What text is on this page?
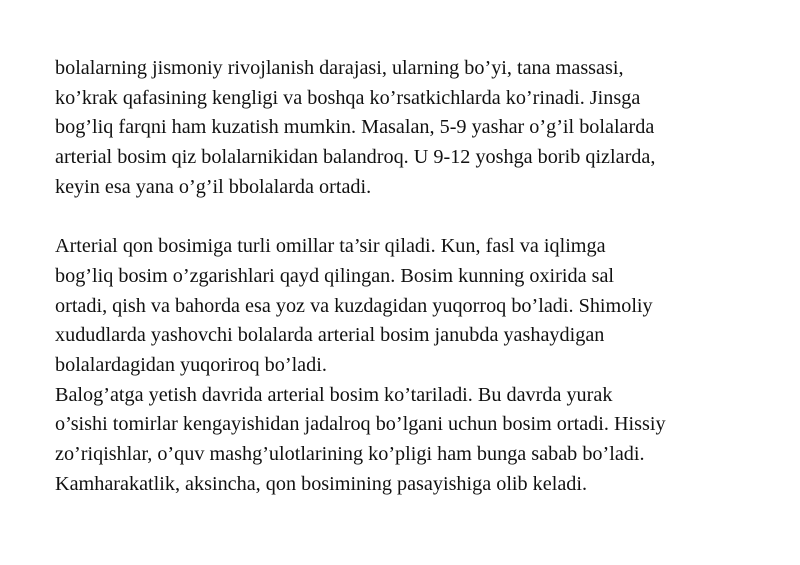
bolalarning jismoniy rivojlanish darajasi, ularning bo’yi, tana massasi,
ko’krak qafasining kengligi va boshqa ko’rsatkichlarda ko’rinadi. Jinsga
bog’liq farqni ham kuzatish mumkin. Masalan, 5-9 yashar o’g’il bolalarda
arterial bosim qiz bolalarnikidan balandroq. U 9-12 yoshga borib qizlarda,
keyin esa yana o’g’il bbolalarda ortadi.
Arterial qon bosimiga turli omillar ta’sir qiladi. Kun, fasl va iqlimga
bog’liq bosim o’zgarishlari qayd qilingan. Bosim kunning oxirida sal
ortadi, qish va bahorda esa yoz va kuzdagidan yuqorroq bo’ladi. Shimoliy
xududlarda yashovchi bolalarda arterial bosim janubda yashaydigan
bolalardagidan yuqoriroq bo’ladi.
Balog’atga yetish davrida arterial bosim ko’tariladi. Bu davrda yurak
o’sishi tomirlar kengayishidan jadalroq bo’lgani uchun bosim ortadi. Hissiy
zo’riqishlar, o’quv mashg’ulotlarining ko’pligi ham bunga sabab bo’ladi.
Kamharakatlik, aksincha, qon bosimining pasayishiga olib keladi.
